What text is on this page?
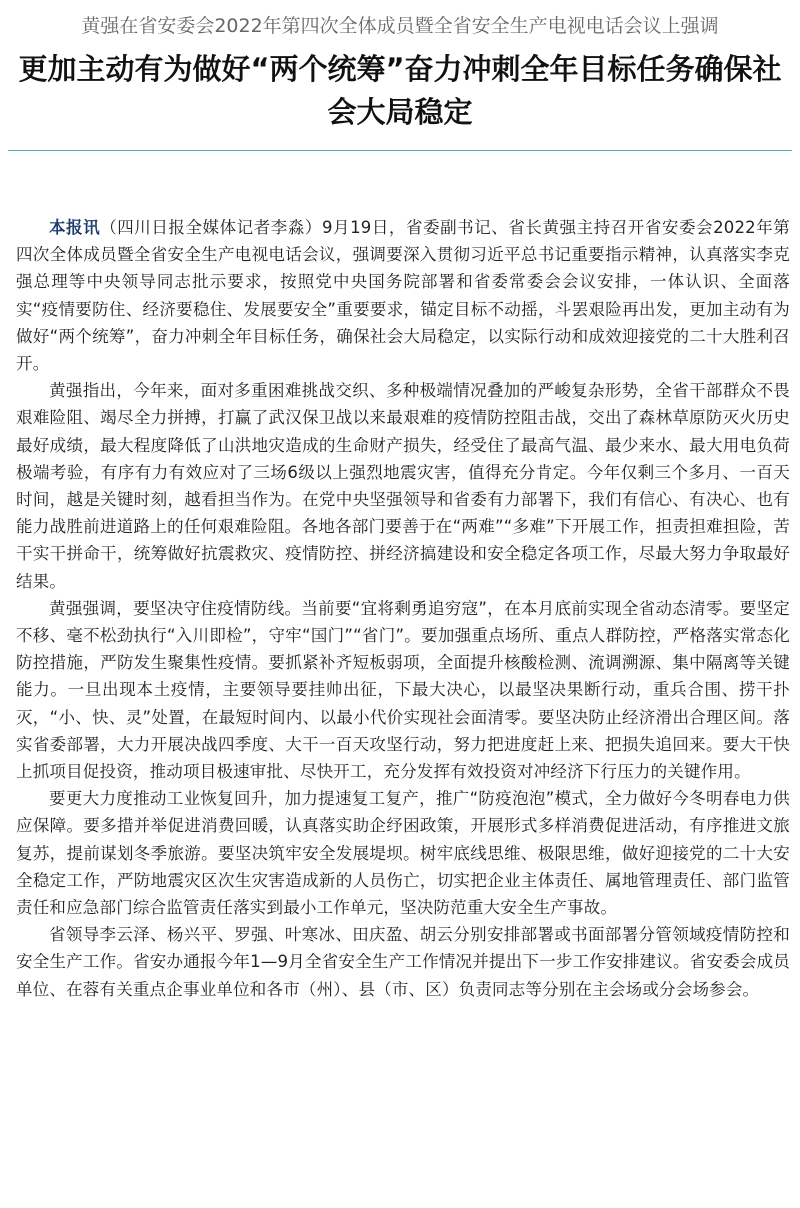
黄强在省安委会2022年第四次全体成员暨全省安全生产电视电话会议上强调
更加主动有为做好“两个统筹”奋力冲刺全年目标任务确保社会大局稳定

本报讯（四川日报全媒体记者李淼）9月19日，省委副书记、省长黄强主持召开省安委会2022年第四次全体成员暨全省安全生产电视电话会议，强调要深入贯彻习近平总书记重要指示精神，认真落实李克强总理等中央领导同志批示要求，按照党中央国务院部署和省委常委会会议安排，一体认识、全面落实“疫情要防住、经济要稳住、发展要安全”重要要求，锚定目标不动摇，斗罢艰险再出发，更加主动有为做好“两个统筹”，奋力冲刺全年目标任务，确保社会大局稳定，以实际行动和成效迎接党的二十大胜利召开。

黄强指出，今年来，面对多重困难挑战交织、多种极端情况叠加的严峻复杂形势，全省干部群众不畏艰难险阻、竭尽全力拼搏，打赢了武汉保卫战以来最艰难的疫情防控阻击战，交出了森林草原防灭火历史最好成绩，最大程度降低了山洪地灾造成的生命财产损失，经受住了最高气温、最少来水、最大用电负荷极端考验，有序有力有效应对了三场6级以上强烈地震灾害，值得充分肯定。今年仅剩三个多月、一百天时间，越是关键时刻，越看担当作为。在党中央坚强领导和省委有力部署下，我们有信心、有决心、也有能力战胜前进道路上的任何艰难险阻。各地各部门要善于在“两难”“多难”下开展工作，担责担难担险，苦干实干拼命干，统筹做好抗震救灾、疫情防控、拼经济搞建设和安全稳定各项工作，尽最大努力争取最好结果。

黄强强调，要坚决守住疫情防线。当前要“宜将剩勇追穷寇”，在本月底前实现全省动态清零。要坚定不移、毫不松劲执行“入川即检”，守牢“国门”“省门”。要加强重点场所、重点人群防控，严格落实常态化防控措施，严防发生聚集性疫情。要抓紧补齐短板弱项，全面提升核酸检测、流调溯源、集中隔离等关键能力。一旦出现本土疫情，主要领导要挂帅出征，下最大决心，以最坚决果断行动，重兵合围、捞干扑灭，“小、快、灵”处置，在最短时间内、以最小代价实现社会面清零。要坚决防止经济滑出合理区间。落实省委部署，大力开展决战四季度、大干一百天攻坚行动，努力把进度赶上来、把损失追回来。要大干快上抓项目促投资，推动项目极速审批、尽快开工，充分发挥有效投资对冲经济下行压力的关键作用。

要更大力度推动工业恢复回升，加力提速复工复产，推广“防疫泡泡”模式，全力做好今冬明春电力供应保障。要多措并举促进消费回暖，认真落实助企纾困政策，开展形式多样消费促进活动，有序推进文旅复苏，提前谋划冬季旅游。要坚决筑牢安全发展堤坝。树牢底线思维、极限思维，做好迎接党的二十大安全稳定工作，严防地震灾区次生灾害造成新的人员伤亡，切实把企业主体责任、属地管理责任、部门监管责任和应急部门综合监管责任落实到最小工作单元，坚决防范重大安全生产事故。

省领导李云泽、杨兴平、罗强、叶寒冰、田庆盈、胡云分别安排部署或书面部署分管领域疫情防控和安全生产工作。省安办通报今年1—9月全省安全生产工作情况并提出下一步工作安排建议。省安委会成员单位、在蓉有关重点企事业单位和各市（州）、县（市、区）负责同志等分别在主会场或分会场参会。
